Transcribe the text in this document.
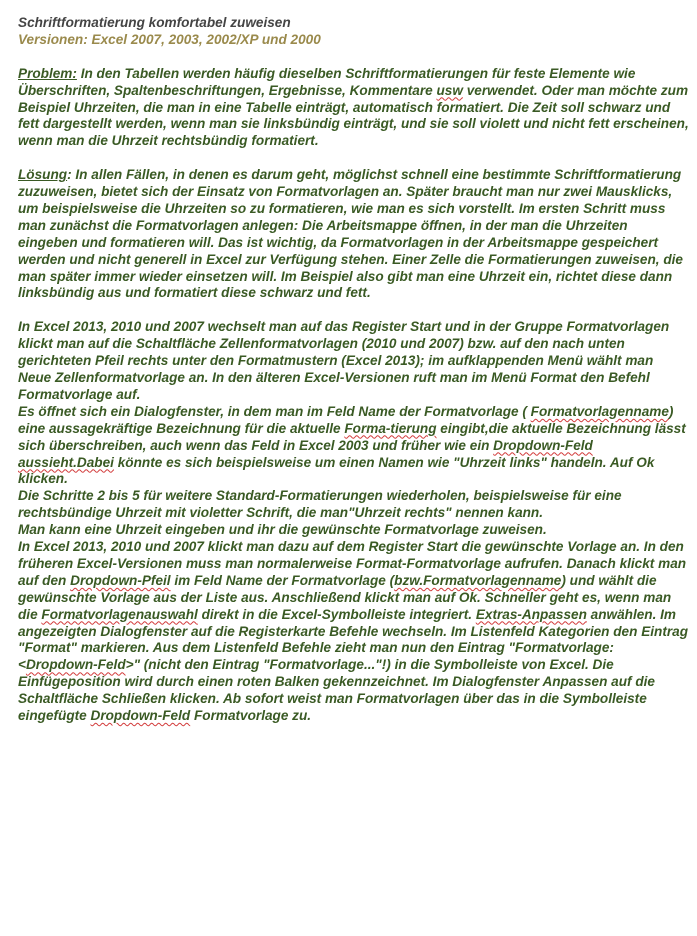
Schriftformatierung komfortabel zuweisen

Versionen: Excel 2007, 2003, 2002/XP und 2000

Problem: In den Tabellen werden häufig dieselben Schriftformatierungen für feste Elemente wie Überschriften, Spaltenbeschriftungen, Ergebnisse, Kommentare usw verwendet. Oder man möchte zum Beispiel Uhrzeiten, die man in eine Tabelle einträgt, automatisch formatiert. Die Zeit soll schwarz und fett dargestellt werden, wenn man sie linksbündig einträgt, und sie soll violett und nicht fett erscheinen, wenn man die Uhrzeit rechtsbündig formatiert.

Lösung: In allen Fällen, in denen es darum geht, möglichst schnell eine bestimmte Schriftformatierung zuzuweisen, bietet sich der Einsatz von Formatvorlagen an. Später braucht man nur zwei Mausklicks, um beispielsweise die Uhrzeiten so zu formatieren, wie man es sich vorstellt. Im ersten Schritt muss man zunächst die Formatvorlagen anlegen: Die Arbeitsmappe öffnen, in der man die Uhrzeiten eingeben und formatieren will. Das ist wichtig, da Formatvorlagen in der Arbeitsmappe gespeichert werden und nicht generell in Excel zur Verfügung stehen. Einer Zelle die Formatierungen zuweisen, die man später immer wieder einsetzen will. Im Beispiel also gibt man eine Uhrzeit ein, richtet diese dann linksbündig aus und formatiert diese schwarz und fett.

In Excel 2013, 2010 und 2007 wechselt man auf das Register Start und in der Gruppe Formatvorlagen klickt man auf die Schaltfläche Zellenformatvorlagen (2010 und 2007) bzw. auf den nach unten gerichteten Pfeil rechts unter den Formatmustern (Excel 2013); im aufklappenden Menü wählt man Neue Zellenformatvorlage an. In den älteren Excel-Versionen ruft man im Menü Format den Befehl Formatvorlage auf.

Es öffnet sich ein Dialogfenster, in dem man im Feld Name der Formatvorlage ( Formatvorlagenname) eine aussagekräftige Bezeichnung für die aktuelle Forma-tierung eingibt,die aktuelle Bezeichnung lässt sich überschreiben, auch wenn das Feld in Excel 2003 und früher wie ein Dropdown-Feld aussieht.Dabei könnte es sich beispielsweise um einen Namen wie "Uhrzeit links" handeln. Auf Ok klicken.

Die Schritte 2 bis 5 für weitere Standard-Formatierungen wiederholen, beispielsweise für eine rechtsbündige Uhrzeit mit violetter Schrift, die man"Uhrzeit rechts" nennen kann.

Man kann eine Uhrzeit eingeben und ihr die gewünschte Formatvorlage zuweisen.

In Excel 2013, 2010 und 2007 klickt man dazu auf dem Register Start die gewünschte Vorlage an. In den früheren Excel-Versionen muss man normalerweise Format-Formatvorlage aufrufen. Danach klickt man auf den Dropdown-Pfeil im Feld Name der Formatvorlage (bzw.Formatvorlagenname) und wählt die gewünschte Vorlage aus der Liste aus. Anschließend klickt man auf Ok. Schneller geht es, wenn man die Formatvorlagenauswahl direkt in die Excel-Symbolleiste integriert. Extras-Anpassen anwählen. Im angezeigten Dialogfenster auf die Registerkarte Befehle wechseln. Im Listenfeld Kategorien den Eintrag "Format" markieren. Aus dem Listenfeld Befehle zieht man nun den Eintrag "Formatvorlage: <Dropdown-Feld>" (nicht den Eintrag "Formatvorlage..."!) in die Symbolleiste von Excel. Die Einfügeposition wird durch einen roten Balken gekennzeichnet. Im Dialogfenster Anpassen auf die Schaltfläche Schließen klicken. Ab sofort weist man Formatvorlagen über das in die Symbolleiste eingefügte Dropdown-Feld Formatvorlage zu.
